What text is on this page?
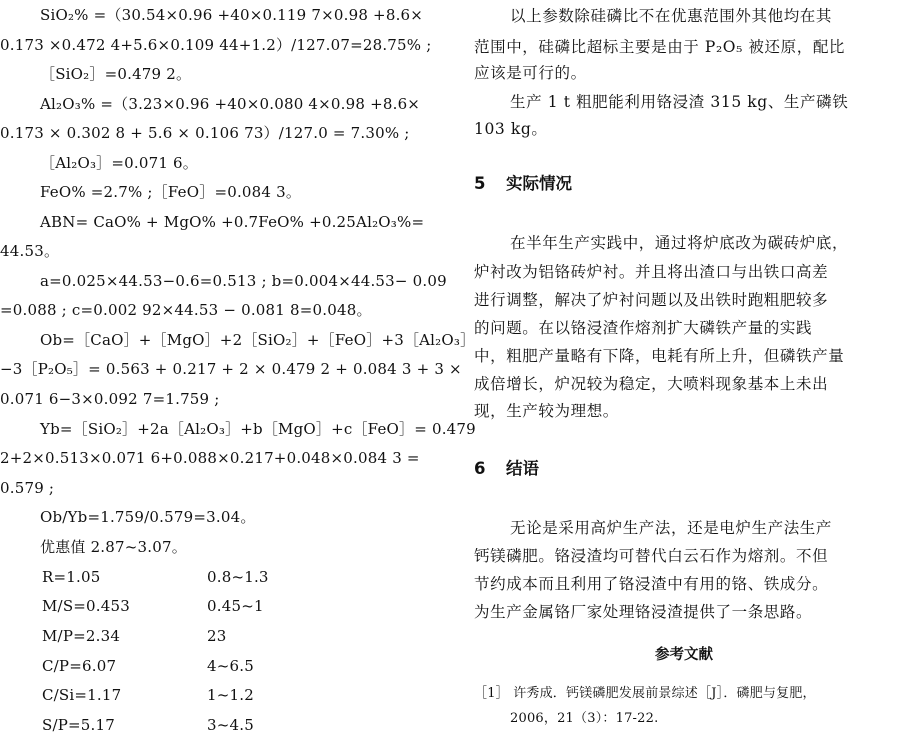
SiO₂% =（30.54×0.96 +40×0.119 7×0.98 +8.6×
0.173 ×0.472 4+5.6×0.109 44+1.2）/127.07=28.75% ;
［SiO₂］=0.479 2。
Al₂O₃% =（3.23×0.96 +40×0.080 4×0.98 +8.6×
0.173 × 0.302 8 + 5.6 × 0.106 73）/127.0 = 7.30% ;
［Al₂O₃］=0.071 6。
FeO% =2.7% ;［FeO］=0.084 3。
ABN= CaO% + MgO% +0.7FeO% +0.25Al₂O₃%=
44.53。
a=0.025×44.53−0.6=0.513 ; b=0.004×44.53− 0.09
=0.088 ; c=0.002 92×44.53 − 0.081 8=0.048。
Ob=［CaO］+［MgO］+2［SiO₂］+［FeO］+3［Al₂O₃］
−3［P₂O₅］= 0.563 + 0.217 + 2 × 0.479 2 + 0.084 3 + 3 ×
0.071 6−3×0.092 7=1.759 ;
Yb=［SiO₂］+2a［Al₂O₃］+b［MgO］+c［FeO］= 0.479
2+2×0.513×0.071 6+0.088×0.217+0.048×0.084 3 =
0.579 ;
Ob/Yb=1.759/0.579=3.04。
优惠值 2.87~3.07。
R=1.05	0.8~1.3
M/S=0.453	0.45~1
M/P=2.34	23
C/P=6.07	4~6.5
C/Si=1.17	1~1.2
S/P=5.17	3~4.5
以上参数除硅磷比不在优惠范围外其他均在其
范围中，硅磷比超标主要是由于 P₂O₅ 被还原，配比
应该是可行的。
生产 1 t 粗肥能利用铬浸渣 315 kg、生产磷铁
103 kg。
5 实际情况
在半年生产实践中，通过将炉底改为碳砖炉底，
炉衬改为铝铬砖炉衬。并且将出渣口与出铁口高差
进行调整，解决了炉衬问题以及出铁时跑粗肥较多
的问题。在以铬浸渣作熔剂扩大磷铁产量的实践
中，粗肥产量略有下降，电耗有所上升，但磷铁产量
成倍增长，炉况较为稳定，大喷料现象基本上未出
现，生产较为理想。
6 结语
无论是采用高炉生产法，还是电炉生产法生产
钙镁磷肥。铬浸渣均可替代白云石作为熔剂。不但
节约成本而且利用了铬浸渣中有用的铬、铁成分。
为生产金属铬厂家处理铬浸渣提供了一条思路。
参考文献
［1］ 许秀成．钙镁磷肥发展前景综述［J］．磷肥与复肥，
2006，21（3）：17-22.
